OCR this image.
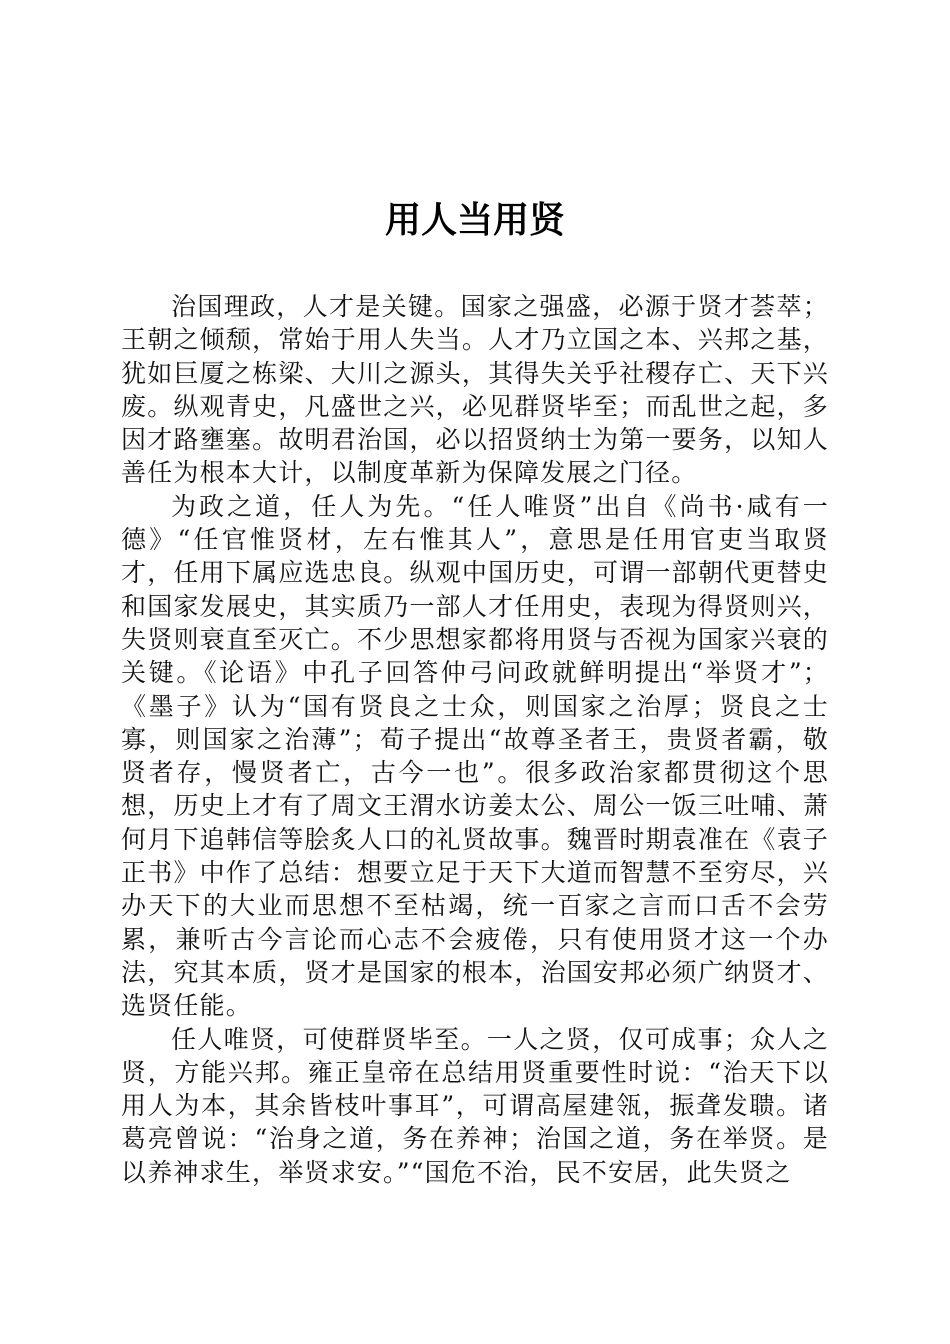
用人当用贤

治国理政，人才是关键。国家之强盛，必源于贤才荟萃；王朝之倾颓，常始于用人失当。人才乃立国之本、兴邦之基，犹如巨厦之栋梁、大川之源头，其得失关乎社稷存亡、天下兴废。纵观青史，凡盛世之兴，必见群贤毕至；而乱世之起，多因才路壅塞。故明君治国，必以招贤纳士为第一要务，以知人善任为根本大计，以制度革新为保障发展之门径。

为政之道，任人为先。“任人唯贤”出自《尚书·咸有一德》“任官惟贤材，左右惟其人”，意思是任用官吏当取贤才，任用下属应选忠良。纵观中国历史，可谓一部朝代更替史和国家发展史，其实质乃一部人才任用史，表现为得贤则兴，失贤则衰直至灭亡。不少思想家都将用贤与否视为国家兴衰的关键。《论语》中孔子回答仲弓问政就鲜明提出“举贤才”；《墨子》认为“国有贤良之士众，则国家之治厚；贤良之士寡，则国家之治薄”；荀子提出“故尊圣者王，贵贤者霸，敬贤者存，慢贤者亡，古今一也”。很多政治家都贯彻这个思想，历史上才有了周文王渭水访姜太公、周公一饭三吐哺、萧何月下追韩信等脍炙人口的礼贤故事。魏晋时期袁准在《袁子正书》中作了总结：想要立足于天下大道而智慧不至穷尽，兴办天下的大业而思想不至枯竭，统一百家之言而口舌不会劳累，兼听古今言论而心志不会疲倦，只有使用贤才这一个办法，究其本质，贤才是国家的根本，治国安邦必须广纳贤才、选贤任能。

任人唯贤，可使群贤毕至。一人之贤，仅可成事；众人之贤，方能兴邦。雍正皇帝在总结用贤重要性时说：“治天下以用人为本，其余皆枝叶事耳”，可谓高屋建瓴，振聋发聩。诸葛亮曾说：“治身之道，务在养神；治国之道，务在举贤。是以养神求生，举贤求安。”“国危不治，民不安居，此失贤之
